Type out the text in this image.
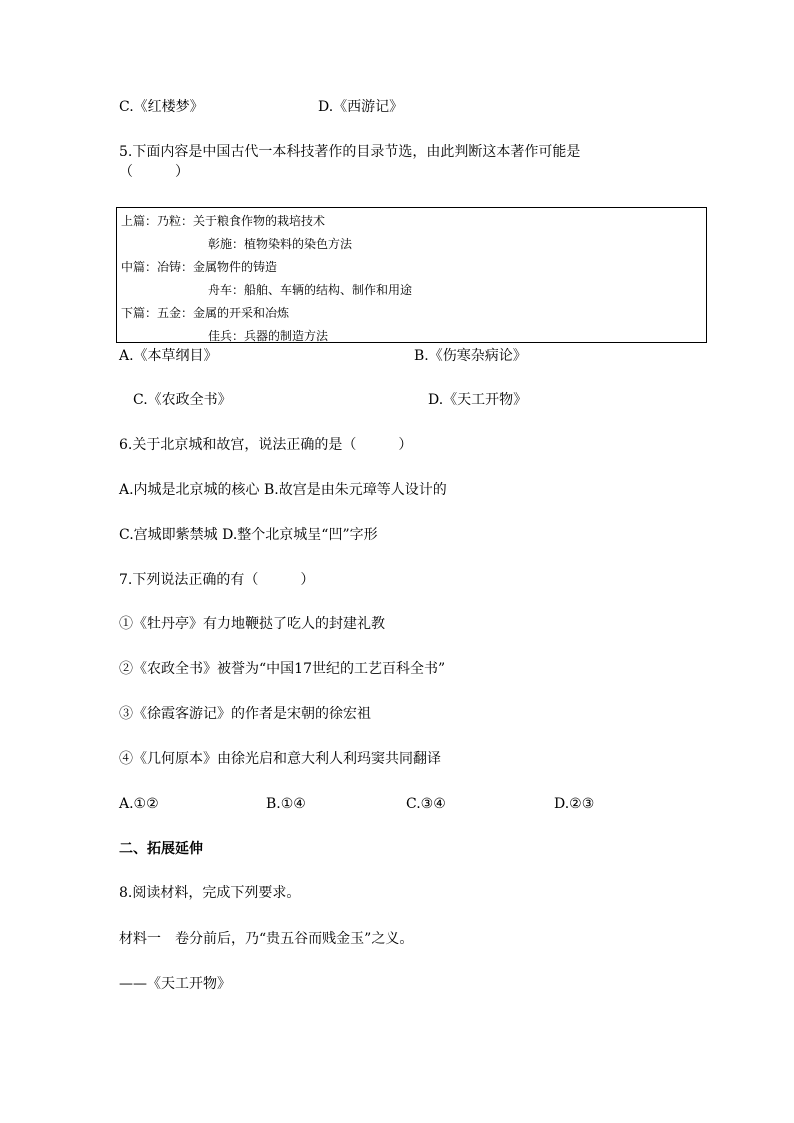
C.《红楼梦》	D.《西游记》
5.下面内容是中国古代一本科技著作的目录节选，由此判断这本著作可能是
（　　　）
上篇：乃粒：关于粮食作物的栽培技术
彰施：植物染料的染色方法
中篇：冶铸：金属物件的铸造
舟车：船舶、车辆的结构、制作和用途
下篇：五金：金属的开采和冶炼
佳兵：兵器的制造方法
A.《本草纲目》	B.《伤寒杂病论》
C.《农政全书》	D.《天工开物》
6.关于北京城和故宫，说法正确的是（　　　）
A.内城是北京城的核心 B.故宫是由朱元璋等人设计的
C.宫城即紫禁城 D.整个北京城呈“凹”字形
7.下列说法正确的有（　　　）
①《牡丹亭》有力地鞭挞了吃人的封建礼教
②《农政全书》被誉为“中国17世纪的工艺百科全书”
③《徐霞客游记》的作者是宋朝的徐宏祖
④《几何原本》由徐光启和意大利人利玛窦共同翻译
A.①②	B.①④	C.③④	D.②③
二、拓展延伸
8.阅读材料，完成下列要求。
材料一　卷分前后，乃“贵五谷而贱金玉”之义。
——《天工开物》
